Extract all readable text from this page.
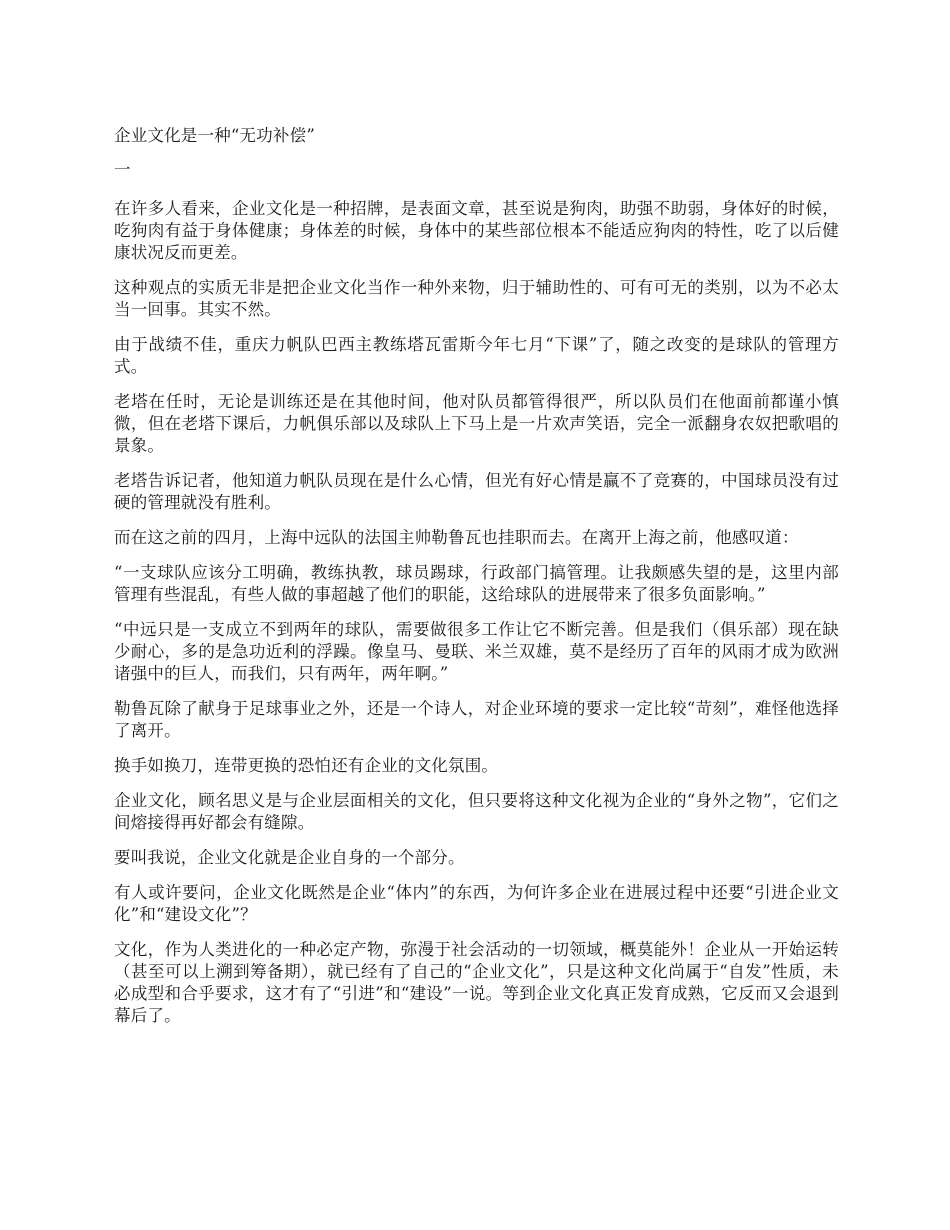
企业文化是一种“无功补偿”

一

在许多人看来，企业文化是一种招牌，是表面文章，甚至说是狗肉，助强不助弱，身体好的时候，吃狗肉有益于身体健康；身体差的时候，身体中的某些部位根本不能适应狗肉的特性，吃了以后健康状况反而更差。

这种观点的实质无非是把企业文化当作一种外来物，归于辅助性的、可有可无的类别，以为不必太当一回事。其实不然。

由于战绩不佳，重庆力帆队巴西主教练塔瓦雷斯今年七月“下课”了，随之改变的是球队的管理方式。

老塔在任时，无论是训练还是在其他时间，他对队员都管得很严，所以队员们在他面前都谨小慎微，但在老塔下课后，力帆俱乐部以及球队上下马上是一片欢声笑语，完全一派翻身农奴把歌唱的景象。

老塔告诉记者，他知道力帆队员现在是什么心情，但光有好心情是赢不了竞赛的，中国球员没有过硬的管理就没有胜利。

而在这之前的四月，上海中远队的法国主帅勒鲁瓦也挂职而去。在离开上海之前，他感叹道：

“一支球队应该分工明确，教练执教，球员踢球，行政部门搞管理。让我颇感失望的是，这里内部管理有些混乱，有些人做的事超越了他们的职能，这给球队的进展带来了很多负面影响。”

“中远只是一支成立不到两年的球队，需要做很多工作让它不断完善。但是我们（俱乐部）现在缺少耐心，多的是急功近利的浮躁。像皇马、曼联、米兰双雄，莫不是经历了百年的风雨才成为欧洲诸强中的巨人，而我们，只有两年，两年啊。”

勒鲁瓦除了献身于足球事业之外，还是一个诗人，对企业环境的要求一定比较“苛刻”，难怪他选择了离开。

换手如换刀，连带更换的恐怕还有企业的文化氛围。

企业文化，顾名思义是与企业层面相关的文化，但只要将这种文化视为企业的“身外之物”，它们之间熔接得再好都会有缝隙。

要叫我说，企业文化就是企业自身的一个部分。

有人或许要问，企业文化既然是企业“体内”的东西，为何许多企业在进展过程中还要“引进企业文化”和“建设文化”？

文化，作为人类进化的一种必定产物，弥漫于社会活动的一切领域，概莫能外！企业从一开始运转（甚至可以上溯到筹备期），就已经有了自己的“企业文化”，只是这种文化尚属于“自发”性质，未必成型和合乎要求，这才有了“引进”和“建设”一说。等到企业文化真正发育成熟，它反而又会退到幕后了。
